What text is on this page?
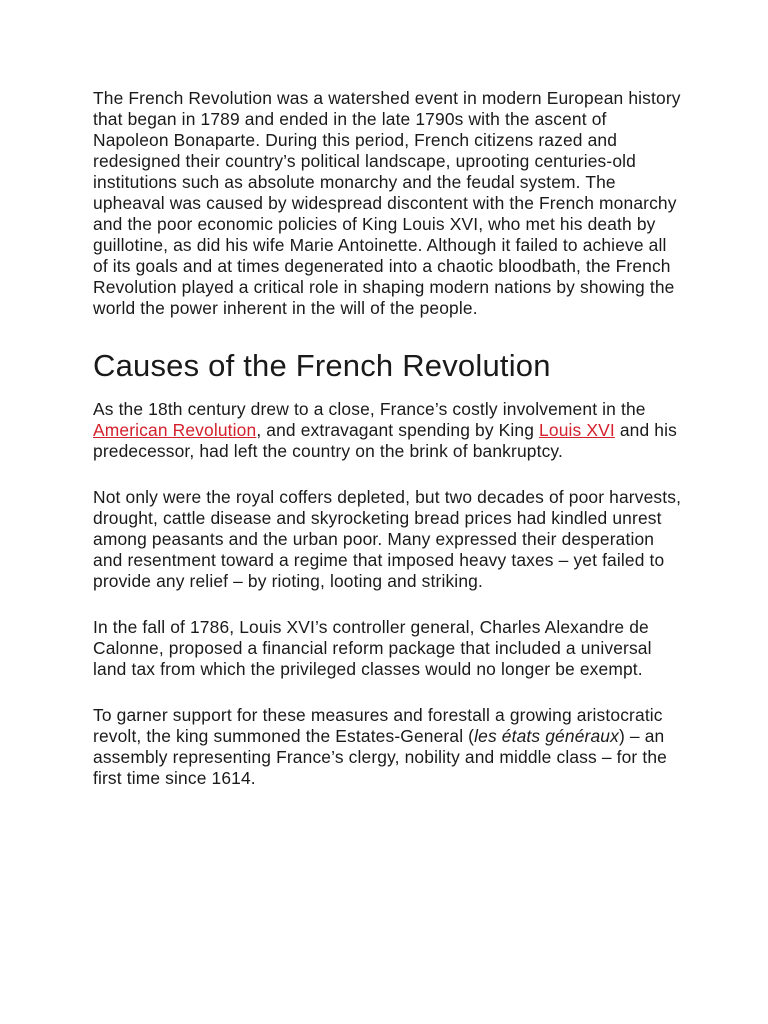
The French Revolution was a watershed event in modern European history that began in 1789 and ended in the late 1790s with the ascent of Napoleon Bonaparte. During this period, French citizens razed and redesigned their country’s political landscape, uprooting centuries-old institutions such as absolute monarchy and the feudal system. The upheaval was caused by widespread discontent with the French monarchy and the poor economic policies of King Louis XVI, who met his death by guillotine, as did his wife Marie Antoinette. Although it failed to achieve all of its goals and at times degenerated into a chaotic bloodbath, the French Revolution played a critical role in shaping modern nations by showing the world the power inherent in the will of the people.

Causes of the French Revolution

As the 18th century drew to a close, France’s costly involvement in the American Revolution, and extravagant spending by King Louis XVI and his predecessor, had left the country on the brink of bankruptcy.

Not only were the royal coffers depleted, but two decades of poor harvests, drought, cattle disease and skyrocketing bread prices had kindled unrest among peasants and the urban poor. Many expressed their desperation and resentment toward a regime that imposed heavy taxes – yet failed to provide any relief – by rioting, looting and striking.

In the fall of 1786, Louis XVI’s controller general, Charles Alexandre de Calonne, proposed a financial reform package that included a universal land tax from which the privileged classes would no longer be exempt.

To garner support for these measures and forestall a growing aristocratic revolt, the king summoned the Estates-General (les états généraux) – an assembly representing France’s clergy, nobility and middle class – for the first time since 1614.
